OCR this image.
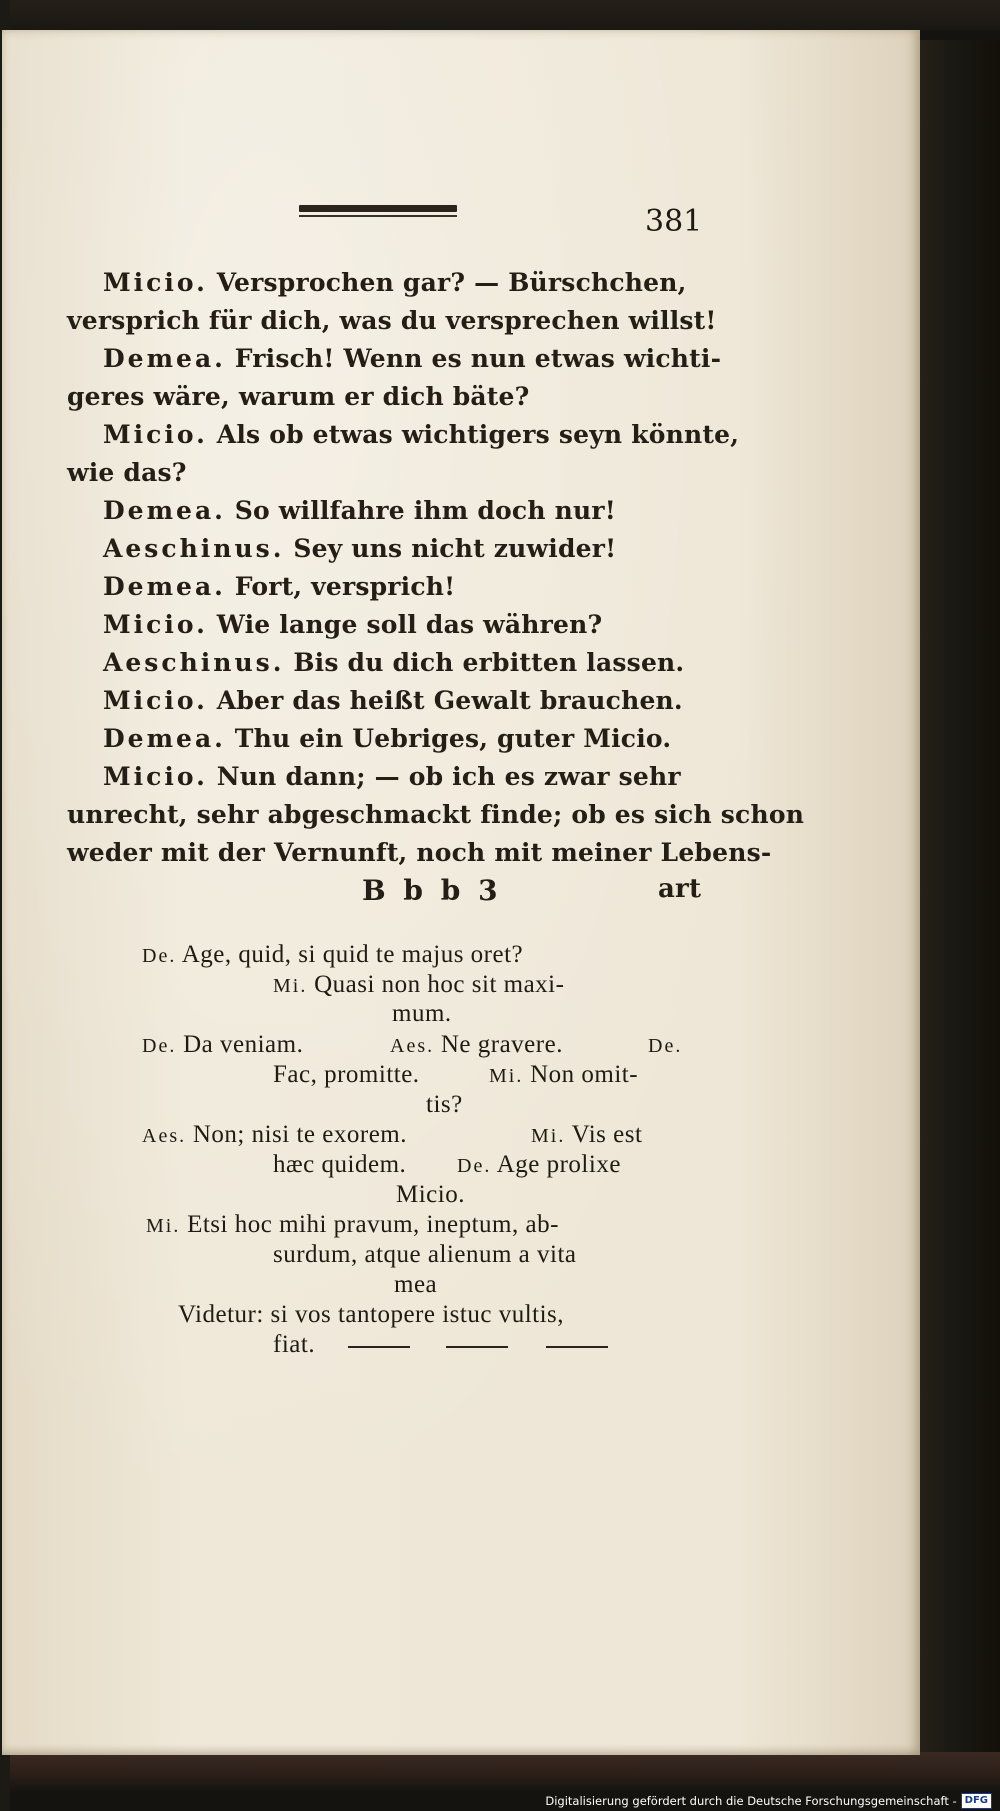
381
Micio. Versprochen gar? — Bürschchen,
versprich für dich, was du versprechen willst!
Demea. Frisch! Wenn es nun etwas wichti-
geres wäre, warum er dich bäte?
Micio. Als ob etwas wichtigers seyn könnte,
wie das?
Demea. So willfahre ihm doch nur!
Aeschinus. Sey uns nicht zuwider!
Demea. Fort, versprich!
Micio. Wie lange soll das währen?
Aeschinus. Bis du dich erbitten lassen.
Micio. Aber das heißt Gewalt brauchen.
Demea. Thu ein Uebriges, guter Micio.
Micio. Nun dann; — ob ich es zwar sehr
unrecht, sehr abgeschmackt finde; ob es sich schon
weder mit der Vernunft, noch mit meiner Lebens-
B b b 3	art
De. Age, quid, si quid te majus oret?
Mi. Quasi non hoc sit maxi-
mum.
De. Da veniam.	Aes. Ne gravere.	De.
Fac, promitte.	Mi. Non omit-
tis?
Aes. Non; nisi te exorem.	Mi. Vis est
hæc quidem.	De. Age prolixe
Micio.
Mi. Etsi hoc mihi pravum, ineptum, ab-
surdum, atque alienum a vita
mea
Videtur: si vos tantopere istuc vultis,
fiat.
Digitalisierung gefördert durch die Deutsche Forschungsgemeinschaft - DFG
